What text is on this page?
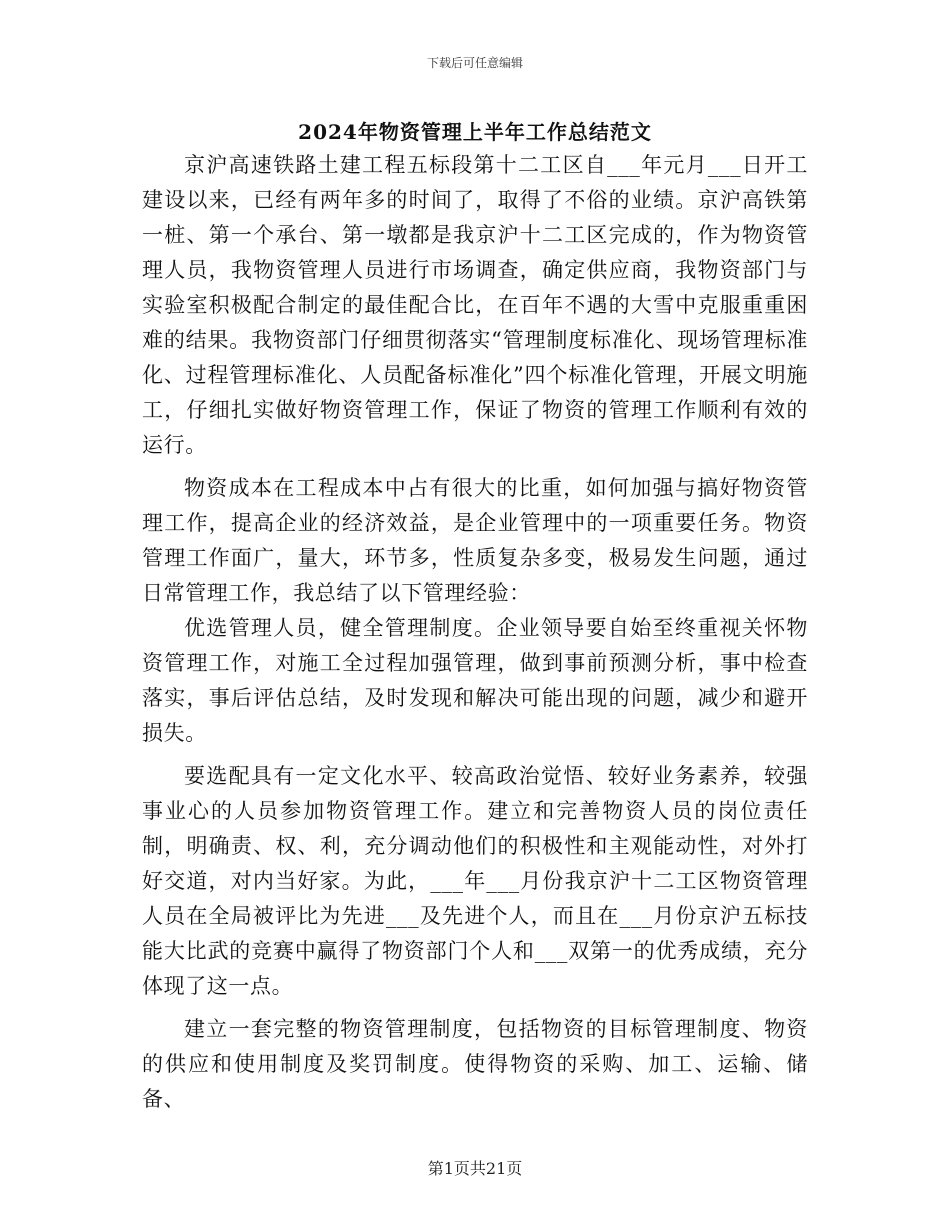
下载后可任意编辑
2024年物资管理上半年工作总结范文

京沪高速铁路土建工程五标段第十二工区自___年元月___日开工建设以来，已经有两年多的时间了，取得了不俗的业绩。京沪高铁第一桩、第一个承台、第一墩都是我京沪十二工区完成的，作为物资管理人员，我物资管理人员进行市场调查，确定供应商，我物资部门与实验室积极配合制定的最佳配合比，在百年不遇的大雪中克服重重困难的结果。我物资部门仔细贯彻落实“管理制度标准化、现场管理标准化、过程管理标准化、人员配备标准化”四个标准化管理，开展文明施工，仔细扎实做好物资管理工作，保证了物资的管理工作顺利有效的运行。

物资成本在工程成本中占有很大的比重，如何加强与搞好物资管理工作，提高企业的经济效益，是企业管理中的一项重要任务。物资管理工作面广，量大，环节多，性质复杂多变，极易发生问题，通过日常管理工作，我总结了以下管理经验：

优选管理人员，健全管理制度。企业领导要自始至终重视关怀物资管理工作，对施工全过程加强管理，做到事前预测分析，事中检查落实，事后评估总结，及时发现和解决可能出现的问题，减少和避开损失。

要选配具有一定文化水平、较高政治觉悟、较好业务素养，较强事业心的人员参加物资管理工作。建立和完善物资人员的岗位责任制，明确责、权、利，充分调动他们的积极性和主观能动性，对外打好交道，对内当好家。为此，___年___月份我京沪十二工区物资管理人员在全局被评比为先进___及先进个人，而且在___月份京沪五标技能大比武的竞赛中赢得了物资部门个人和___双第一的优秀成绩，充分体现了这一点。

建立一套完整的物资管理制度，包括物资的目标管理制度、物资的供应和使用制度及奖罚制度。使得物资的采购、加工、运输、储备、

第1页共21页
